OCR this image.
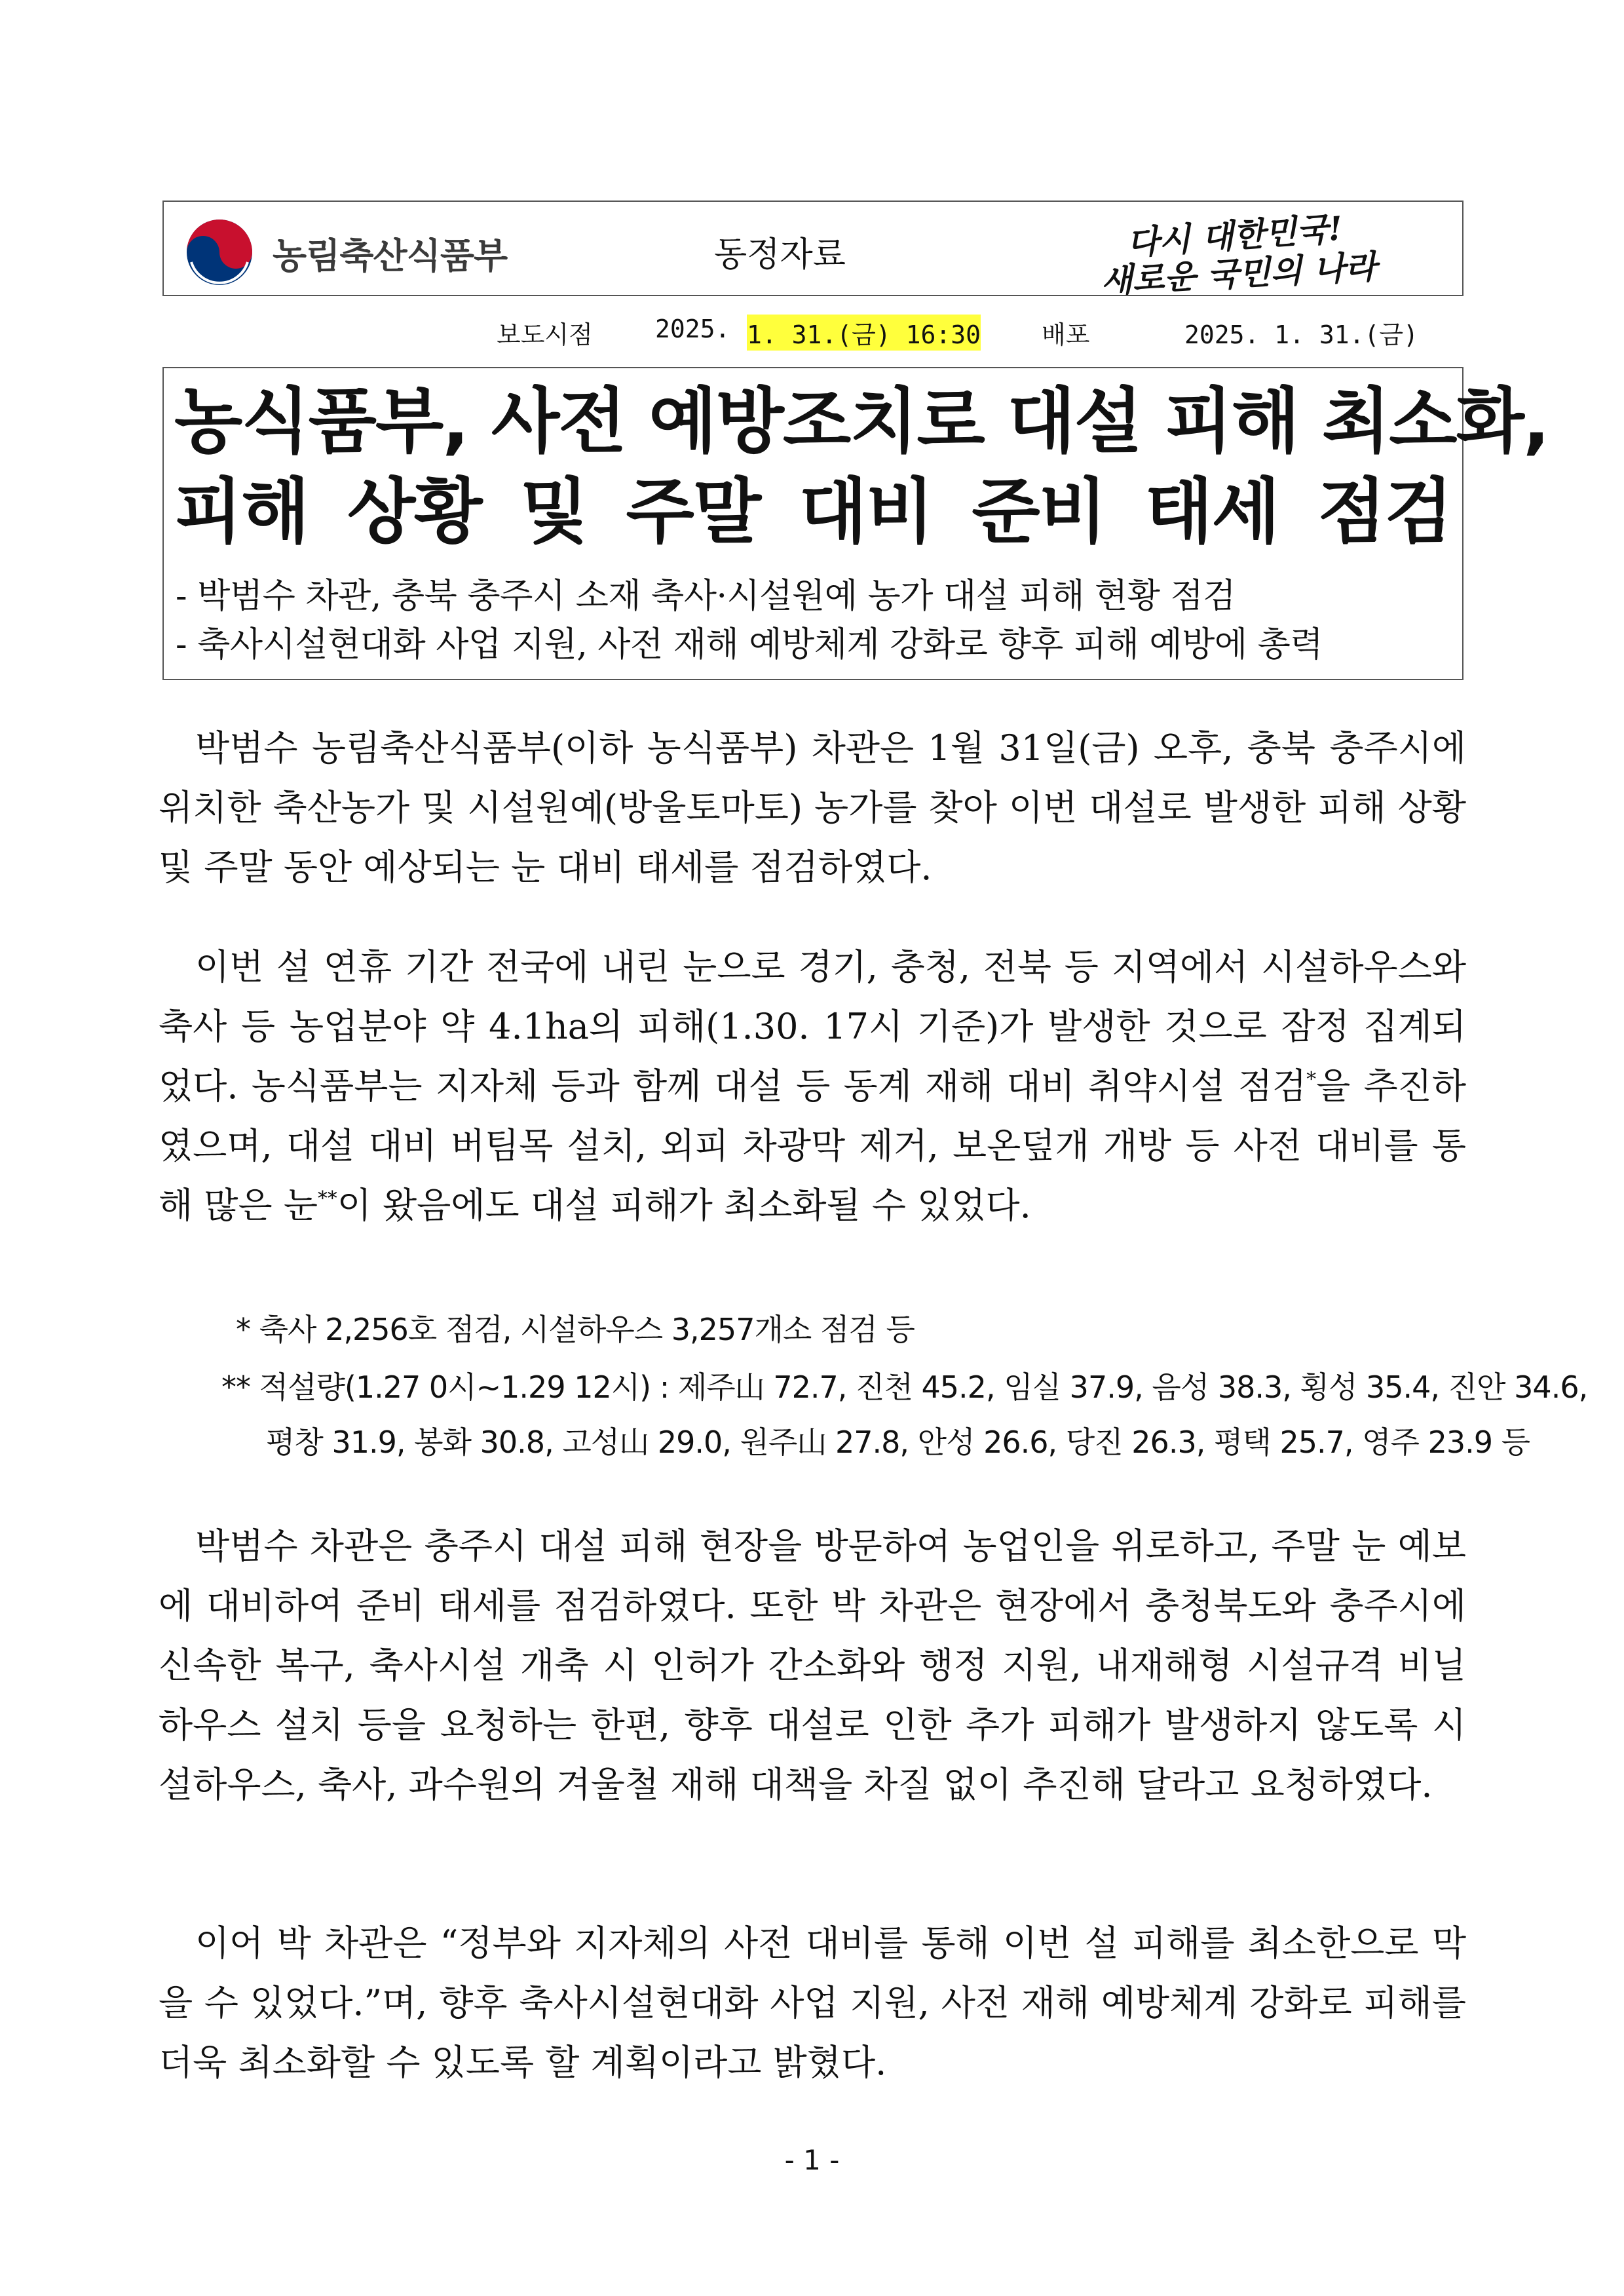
농림축산식품부	동정자료	다시 대한민국!
새로운 국민의 나라
보도시점	2025. 1. 31.(금) 16:30 배포	2025. 1. 31.(금)
농식품부, 사전 예방조치로 대설 피해 최소화,
피해 상황 및 주말 대비 준비 태세 점검
- 박범수 차관, 충북 충주시 소재 축사·시설원예 농가 대설 피해 현황 점검
- 축사시설현대화 사업 지원, 사전 재해 예방체계 강화로 향후 피해 예방에 총력
박범수 농림축산식품부(이하 농식품부) 차관은 1월 31일(금) 오후, 충북 충주시에 위치한 축산농가 및 시설원예(방울토마토) 농가를 찾아 이번 대설로 발생한 피해 상황 및 주말 동안 예상되는 눈 대비 태세를 점검하였다.
이번 설 연휴 기간 전국에 내린 눈으로 경기, 충청, 전북 등 지역에서 시설하우스와 축사 등 농업분야 약 4.1ha의 피해(1.30. 17시 기준)가 발생한 것으로 잠정 집계되었다. 농식품부는 지자체 등과 함께 대설 등 동계 재해 대비 취약시설 점검*을 추진하였으며, 대설 대비 버팀목 설치, 외피 차광막 제거, 보온덮개 개방 등 사전 대비를 통해 많은 눈**이 왔음에도 대설 피해가 최소화될 수 있었다.
* 축사 2,256호 점검, 시설하우스 3,257개소 점검 등
** 적설량(1.27 0시~1.29 12시) : 제주山 72.7, 진천 45.2, 임실 37.9, 음성 38.3, 횡성 35.4, 진안 34.6,
평창 31.9, 봉화 30.8, 고성山 29.0, 원주山 27.8, 안성 26.6, 당진 26.3, 평택 25.7, 영주 23.9 등
박범수 차관은 충주시 대설 피해 현장을 방문하여 농업인을 위로하고, 주말 눈 예보에 대비하여 준비 태세를 점검하였다. 또한 박 차관은 현장에서 충청북도와 충주시에 신속한 복구, 축사시설 개축 시 인허가 간소화와 행정 지원, 내재해형 시설규격 비닐하우스 설치 등을 요청하는 한편, 향후 대설로 인한 추가 피해가 발생하지 않도록 시설하우스, 축사, 과수원의 겨울철 재해 대책을 차질 없이 추진해 달라고 요청하였다.
이어 박 차관은 “정부와 지자체의 사전 대비를 통해 이번 설 피해를 최소한으로 막을 수 있었다.”며, 향후 축사시설현대화 사업 지원, 사전 재해 예방체계 강화로 피해를 더욱 최소화할 수 있도록 할 계획이라고 밝혔다.
- 1 -
